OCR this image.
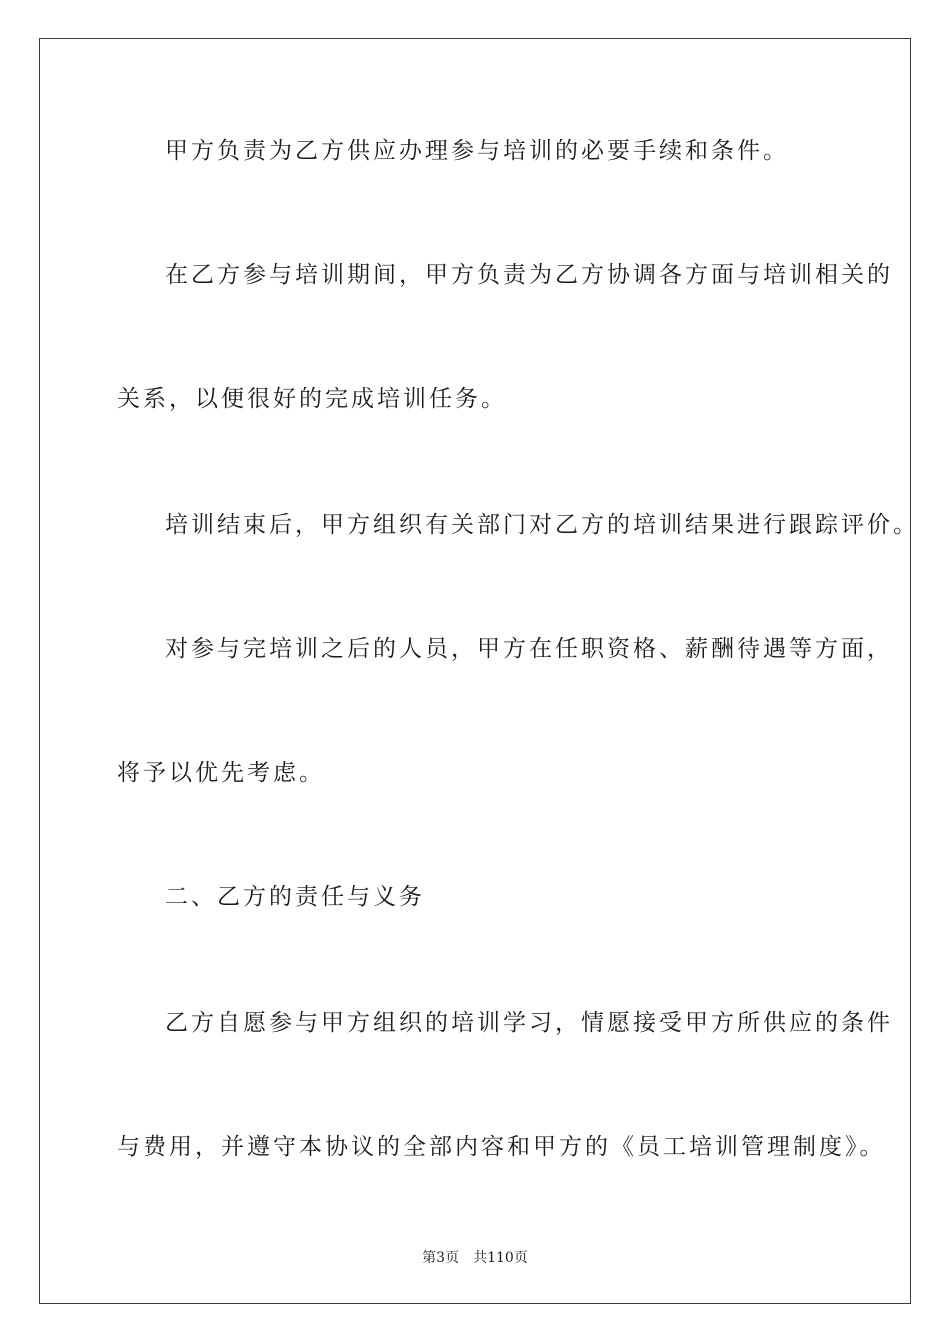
甲方负责为乙方供应办理参与培训的必要手续和条件。
在乙方参与培训期间，甲方负责为乙方协调各方面与培训相关的
关系，以便很好的完成培训任务。
培训结束后，甲方组织有关部门对乙方的培训结果进行跟踪评价。
对参与完培训之后的人员，甲方在任职资格、薪酬待遇等方面，
将予以优先考虑。
二、乙方的责任与义务
乙方自愿参与甲方组织的培训学习，情愿接受甲方所供应的条件
与费用，并遵守本协议的全部内容和甲方的《员工培训管理制度》。
第3页 共110页
